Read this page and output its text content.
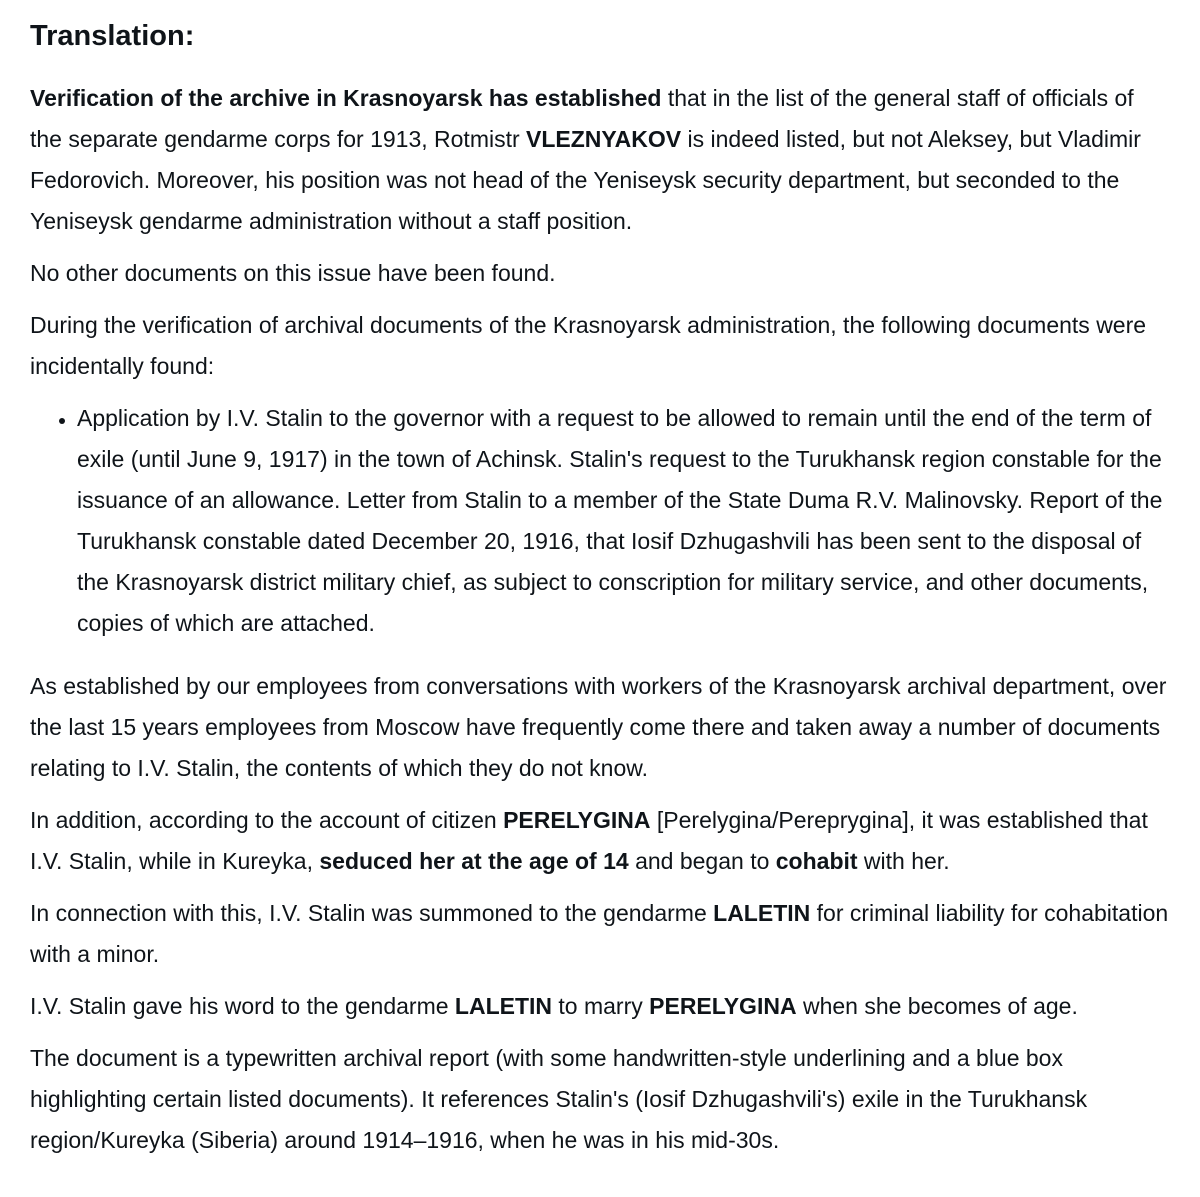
Translation:

Verification of the archive in Krasnoyarsk has established that in the list of the general staff of officials of the separate gendarme corps for 1913, Rotmistr VLEZNYAKOV is indeed listed, but not Aleksey, but Vladimir Fedorovich. Moreover, his position was not head of the Yeniseysk security department, but seconded to the Yeniseysk gendarme administration without a staff position.

No other documents on this issue have been found.

During the verification of archival documents of the Krasnoyarsk administration, the following documents were incidentally found:

• Application by I.V. Stalin to the governor with a request to be allowed to remain until the end of the term of exile (until June 9, 1917) in the town of Achinsk. Stalin's request to the Turukhansk region constable for the issuance of an allowance. Letter from Stalin to a member of the State Duma R.V. Malinovsky. Report of the Turukhansk constable dated December 20, 1916, that Iosif Dzhugashvili has been sent to the disposal of the Krasnoyarsk district military chief, as subject to conscription for military service, and other documents, copies of which are attached.

As established by our employees from conversations with workers of the Krasnoyarsk archival department, over the last 15 years employees from Moscow have frequently come there and taken away a number of documents relating to I.V. Stalin, the contents of which they do not know.

In addition, according to the account of citizen PERELYGINA [Perelygina/Pereprygina], it was established that I.V. Stalin, while in Kureyka, seduced her at the age of 14 and began to cohabit with her.

In connection with this, I.V. Stalin was summoned to the gendarme LALETIN for criminal liability for cohabitation with a minor.

I.V. Stalin gave his word to the gendarme LALETIN to marry PERELYGINA when she becomes of age.

The document is a typewritten archival report (with some handwritten-style underlining and a blue box highlighting certain listed documents). It references Stalin's (Iosif Dzhugashvili's) exile in the Turukhansk region/Kureyka (Siberia) around 1914–1916, when he was in his mid-30s.
